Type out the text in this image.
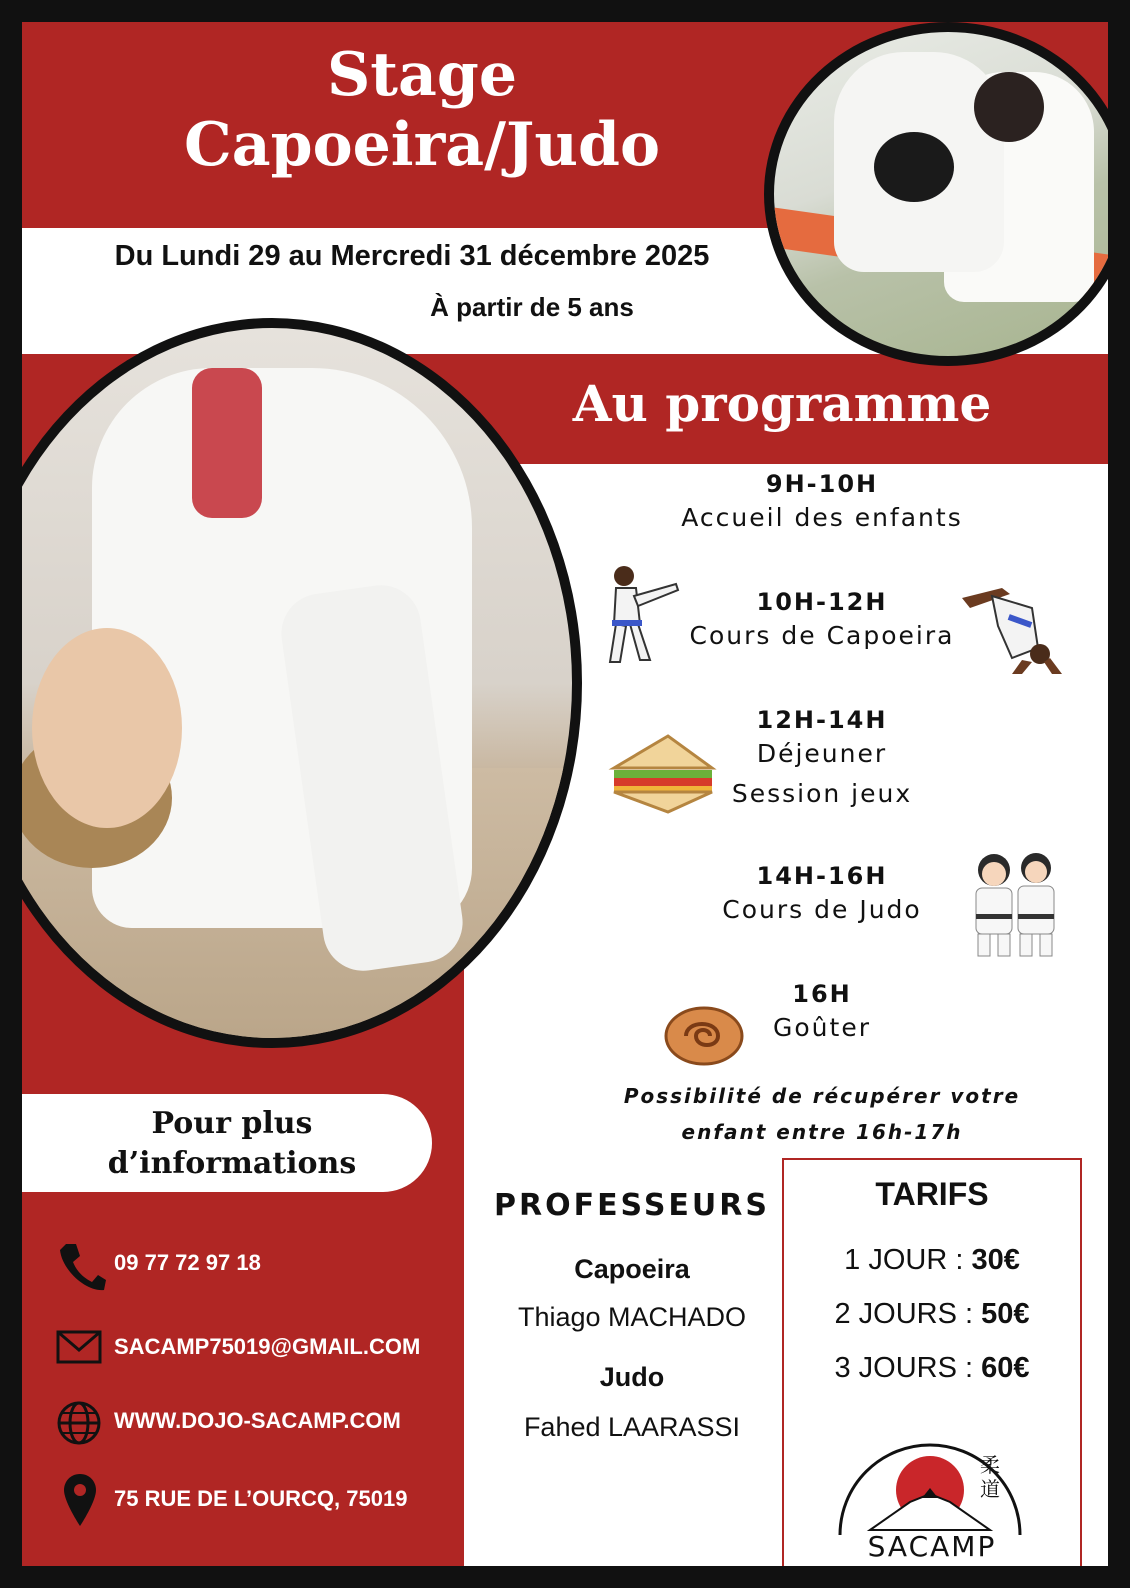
Stage
Capoeira/Judo
Du Lundi 29 au Mercredi 31 décembre 2025
À partir de 5 ans
Au programme
9H-10H
Accueil des enfants
10H-12H
Cours de Capoeira
12H-14H
Déjeuner
Session jeux
14H-16H
Cours de Judo
16H
Goûter
Possibilité de récupérer votre
enfant entre 16h-17h
Pour plus
d’informations
09 77 72 97 18
SACAMP75019@GMAIL.COM
WWW.DOJO-SACAMP.COM
75 RUE DE L’OURCQ, 75019
PROFESSEURS
Capoeira
Thiago MACHADO
Judo
Fahed LAARASSI
TARIFS
1 JOUR : 30€
2 JOURS : 50€
3 JOURS : 60€
柔
道
SACAMP
